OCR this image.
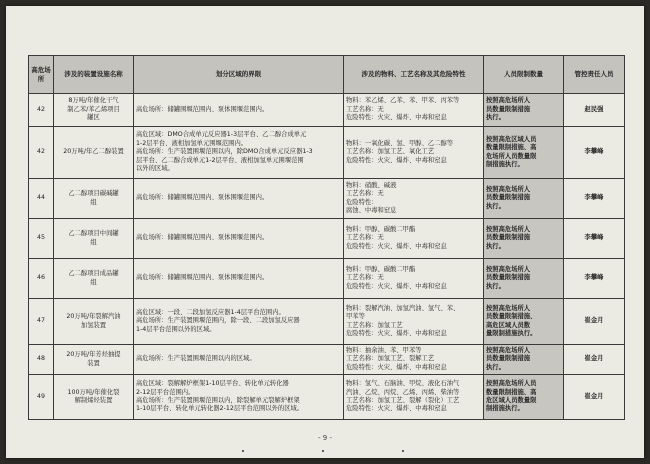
高危场所	涉及的装置设施名称	划分区域的界限	涉及的物料、工艺名称及其危险特性	人员限制数量	管控责任人员
42	8万吨/年催化干气
制乙苯/苯乙烯项目
罐区	高危场所：储罐围堰范围内、泵体围堰范围内。	物料：苯乙烯、乙苯、苯、甲苯、丙苯等
工艺名称：无
危险特性：火灾、爆炸、中毒和窒息	按照高危场所人
员数量限制措施
执行。	赵民强
42	20万吨/年乙二醇装置	高危区域：DMO合成单元反应器1-3层平台、乙二醇合成单元
1-2层平台、液相加氢单元围堰范围内。
高危场所：生产装置围堰范围以内，除DMO合成单元反应器1-3
层平台、乙二醇合成单元1-2层平台、液相加氢单元围堰范围
以外的区域。	物料：一氧化碳、氢、甲醇、乙二醇等
工艺名称：加氢工艺、氧化工艺
危险特性：火灾、爆炸、中毒和窒息	按照高危区域人员
数量限制措施、高
危场所人员数量限
制措施执行。	李攀峰
44	乙二醇项目碳碱罐
组	高危场所：储罐围堰范围内、泵体围堰范围内。	物料：硝酸、碱液
工艺名称：无
危险特性：
腐蚀、中毒和窒息	按照高危场所人
员数量限制措施
执行。	李攀峰
45	乙二醇项目中间罐
组	高危场所：储罐围堰范围内、泵体围堰范围内。	物料：甲醇、碳酸二甲酯
工艺名称：无
危险特性：火灾、爆炸、中毒和窒息	按照高危场所人
员数量限制措施
执行。	李攀峰
46	乙二醇项目成品罐
组	高危场所：储罐围堰范围内、泵体围堰范围内。	物料：甲醇、碳酸二甲酯
工艺名称：无
危险特性：火灾、爆炸、中毒和窒息	按照高危场所人
员数量限制措施
执行。	李攀峰
47	20万吨/年裂解汽油
加氢装置	高危区域：一段、二段加氢反应器1-4层平台范围内。
高危场所：生产装置围堰范围内，除一段、二段加氢反应器
1-4层平台范围以外的区域。	物料：裂解汽油、加氢汽油、氢气、苯、
甲苯等
工艺名称：加氢工艺
危险特性：火灾、爆炸、中毒和窒息	按照高危场所人
员数量限制措施、
高危区域人员数
量限制措施执行。	崔金月
48	20万吨/年芳烃抽提
装置	高危场所：生产装置围堰范围以内的区域。	物料：抽余油、苯、甲苯等
工艺名称：加氢工艺、裂解工艺
危险特性：火灾、爆炸、中毒和窒息	按照高危场所人
员数量限制措施
执行。	崔金月
49	100万吨/年催化裂
解制烯烃装置	高危区域：裂解解炉框架1-10层平台、转化单元转化器
2-12层平台范围内。
高危场所：生产装置围堰范围以内，除裂解单元裂解炉框架
1-10层平台、转化单元转化器2-12层平台范围以外的区域。	物料：氢气、石脑油、甲烷、液化石油气
汽油、乙烷、丙烷、乙烯、丙烯、柴油等
工艺名称：加氢工艺、裂解（裂化）工艺
危险特性：火灾、爆炸、中毒和窒息	按照高危场所人员
数量限制措施、高
危区域人员数量限
制措施执行。	崔金月
- 9 -
